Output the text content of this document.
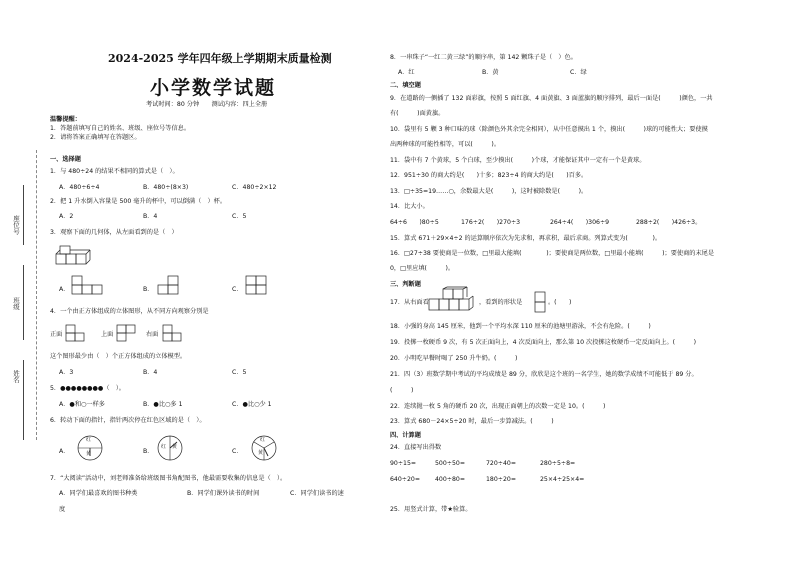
座位号
班级
姓名
2024-2025 学年四年级上学期期末质量检测
小学数学试题
考试时间：80 分钟　　测试内容：四上全册
温馨提醒：
1．答题前填写自己的姓名、班级、座位号等信息。
2．请将答案正确填写在答题区。
一、选择题
1．与 480÷24 的结果不相同的算式是（　）。
A．480÷6÷4	B．480÷(8×3)	C．480÷2×12
2．把 1 升水倒入容量是 500 毫升的杯中，可以倒满（　）杯。
A．2	B．4	C．5
3．观察下面的几何体，从左面看到的是（　）
A．	B．	C．
4．一个由正方体组成的立体图形，从不同方向观察分别是
正面	上面	右面
这个图形最少由（　）个正方体组成的立体模型。
A．3	B．4	C．5
5．●●●●●●●●（　）。
A．●和○一样多	B．●比○多 1	C．●比○少 1
6．转动下面的指针，指针两次停在红色区域的是（　）。
A．
红
黄	B．
红 黄
C．
红
黄
7．“大阅读”活动中，刘老师准备给班级图书角配图书，他最需要收集的信息是（　）。
A．同学们最喜欢的图书种类	B．同学们课外读书的时间	C．同学们读书的速
度
8．一串珠子“一红二黄三绿”的顺序串，第 142 颗珠子是（　）色。
A．红	B．黄	C．绿
二、填空题
9．在道路的一侧插了 132 面彩旗，按照 5 面红旗、4 面黄旗、3 面蓝旗的顺序排列，最后一面是(　　　)颜色，一共
有(　　　)面黄旗。
10．袋里有 5 颗 3 种口味的球（除颜色外其余完全相同），从中任意摸出 1 个，摸出(　　　)球的可能性大；要使摸
出两种球的可能性相等，可以(　　　)。
11．袋中有 7 个黄球，5 个白球，至少摸出(　　　)个球，才能保证其中一定有一个是黄球。
12．951÷30 的商大约是(　　)十多；823÷4 的商大约是(　　)百多。
13．□÷35=19……○，余数最大是(　　　)，这时被除数是(　　　)。
14．比大小。
64÷6　　)80÷5	176÷2(　　)270÷3	264÷4(　　)306÷9	288÷2(　　)426÷3。
15．算式 671＋29×4÷2 的运算顺序依次为先求和，再求积，最后求商。列算式变为(　　　　)。
16．□27÷38 要使商是一位数，□里最大能填(　　　　)；要使商是两位数，□里最小能填(　　　)；要使商的末尾是
0，□里应填(　　　)。
三、判断题
17．从右面看	，看到的形状是	。(　　)
18．小强的身高 145 厘米，他到一个平均水深 110 厘米的池塘里游泳，不会有危险。(　　　)
19．投掷一枚硬币 9 次，有 5 次正面向上，4 次反面向上，那么第 10 次投掷这枚硬币一定反面向上。(　　　)
20．小明吃早餐时喝了 250 升牛奶。(　　　)
21．四（3）班数学期中考试的平均成绩是 89 分，欣欣是这个班的一名学生，她的数学成绩不可能低于 89 分。
(　　　)
22．连续抛一枚 5 角的硬币 20 次，出现正面朝上的次数一定是 10。(　　　)
23．算式 680－24×5÷20 时，最后一步算减法。(　　　)
四、计算题
24．直接写出得数
90÷15=	500÷50=	720÷40=	280÷5÷8=
640÷20= 400÷80=	180÷20=	25×4÷25×4=
25．用竖式计算，带★验算。
